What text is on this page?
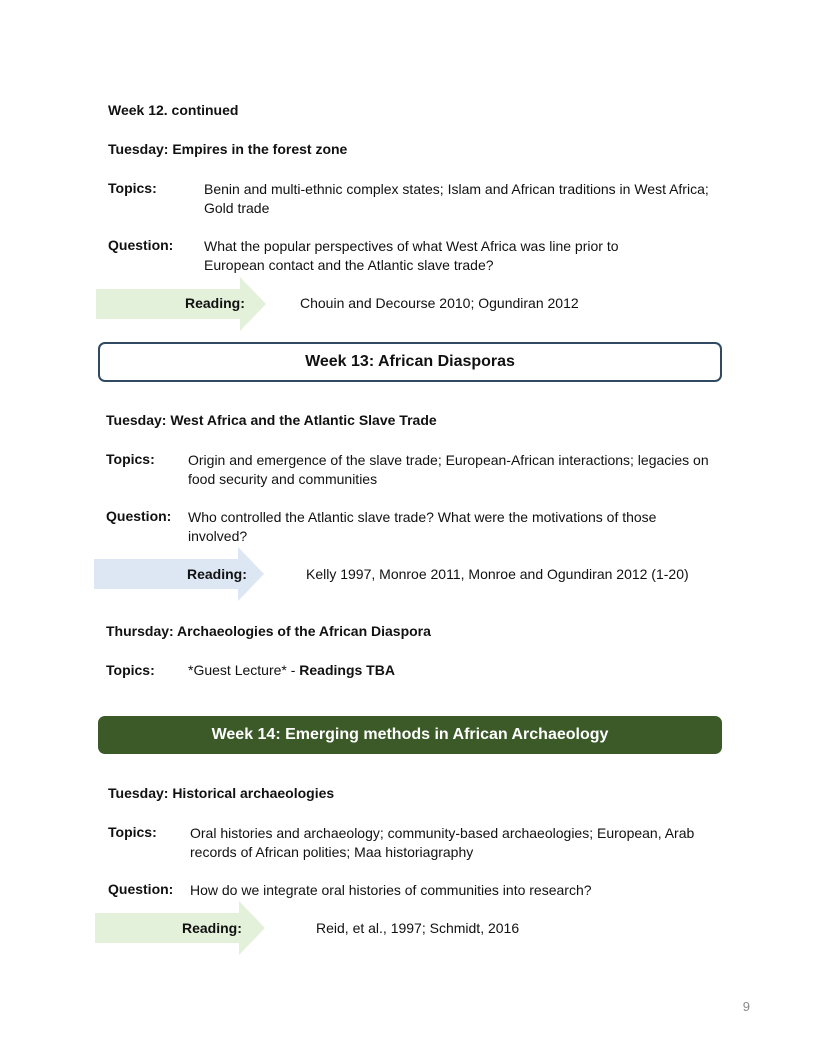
Week 12. continued
Tuesday: Empires in the forest zone
Topics:	Benin and multi-ethnic complex states; Islam and African traditions in West Africa; Gold trade
Question: What the popular perspectives of what West Africa was line prior to European contact and the Atlantic slave trade?
Reading:	Chouin and Decourse 2010; Ogundiran 2012
Week 13: African Diasporas
Tuesday: West Africa and the Atlantic Slave Trade
Topics: Origin and emergence of the slave trade; European-African interactions; legacies on food security and communities
Question: Who controlled the Atlantic slave trade? What were the motivations of those involved?
Reading:	Kelly 1997, Monroe 2011, Monroe and Ogundiran 2012 (1-20)
Thursday: Archaeologies of the African Diaspora
Topics: *Guest Lecture* - Readings TBA
Week 14: Emerging methods in African Archaeology
Tuesday: Historical archaeologies
Topics: Oral histories and archaeology; community-based archaeologies; European, Arab records of African polities; Maa historiagraphy
Question: How do we integrate oral histories of communities into research?
Reading:	Reid, et al., 1997; Schmidt, 2016
9
